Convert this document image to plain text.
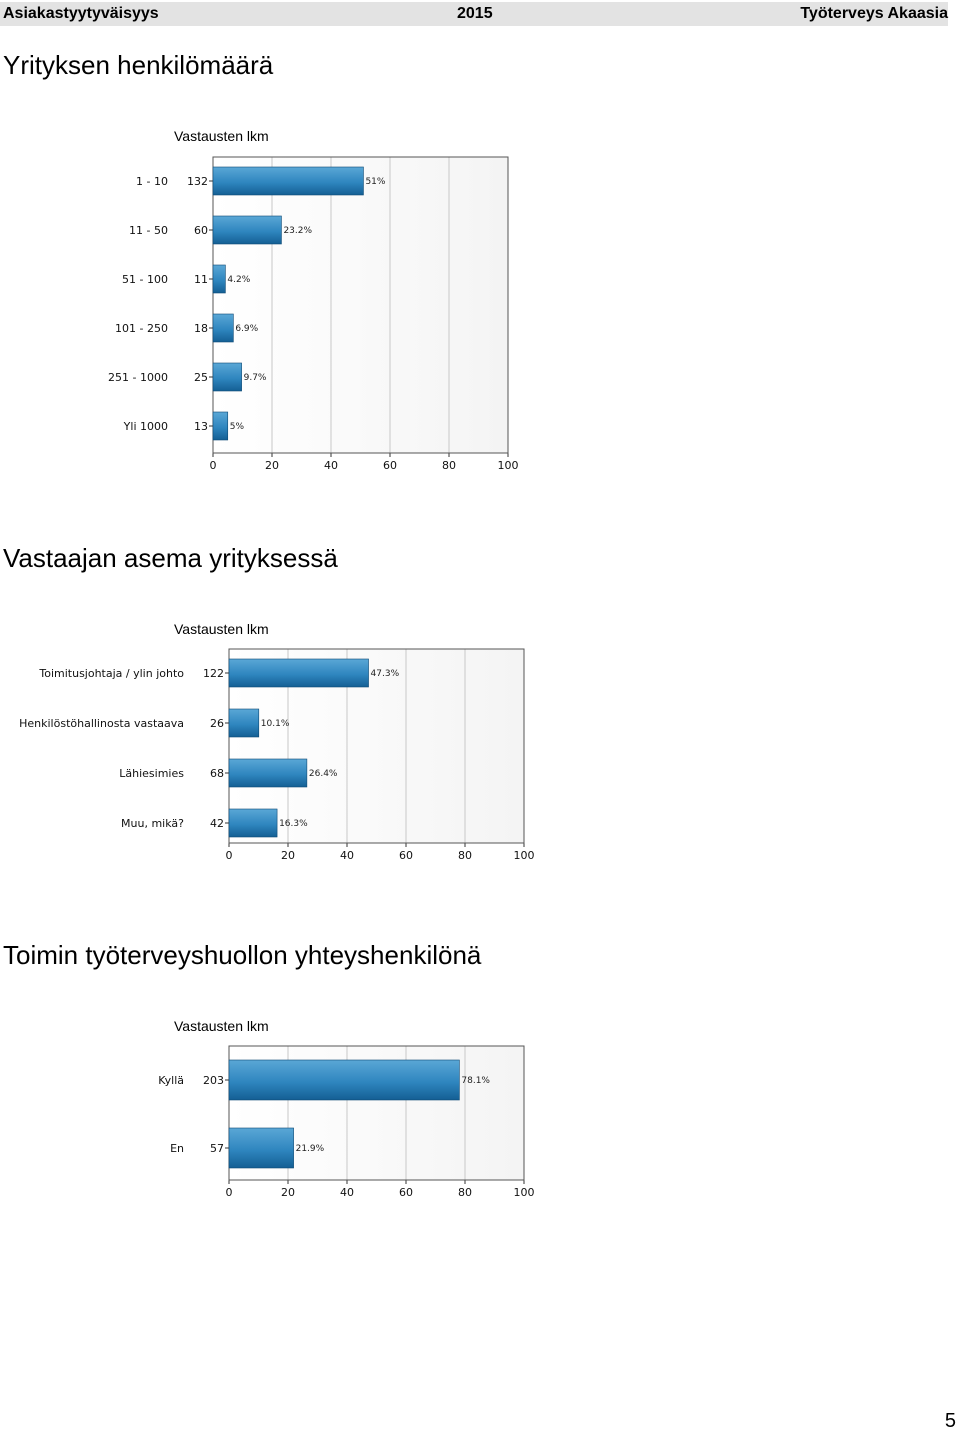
Asiakastyytyväisyys	2015	Työterveys Akaasia
Yrityksen henkilömäärä
Vastausten lkm
0	20	40	60	80	100
1 - 10 132	51%
11 - 50 60	23.2%
51 - 100 11 4.2%
101 - 250 18	6.9%
251 - 1000 25	9.7%
Yli 1000 13 5%
Vastaajan asema yrityksessä
Vastausten lkm
0	20	40	60	80	100
Toimitusjohtaja / ylin johto 122	47.3%
Henkilöstöhallinosta vastaava 26	10.1%
Lähiesimies 68	26.4%
Muu, mikä? 42	16.3%
Toimin työterveyshuollon yhteyshenkilönä
Vastausten lkm
0	20	40	60	80	100
Kyllä 203	78.1%
En 57	21.9%
5
